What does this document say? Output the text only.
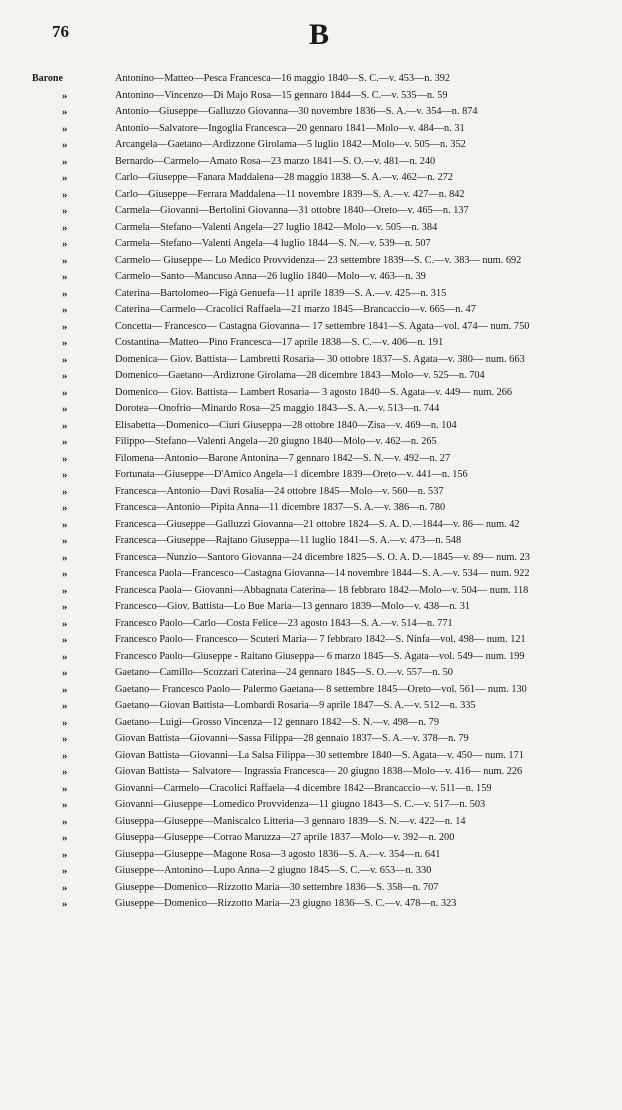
76	B
Barone	Antonino—Matteo—Pesca Francesca—16 maggio 1840—S. C.—v. 453—n. 392
»	Antonino—Vincenzo—Di Majo Rosa—15 gennaro 1844—S. C.—v. 535—n. 59
»	Antonio—Giuseppe—Galluzzo Giovanna—30 novembre 1836—S. A.—v. 354—n. 874
»	Antonio—Salvatore—Ingoglia Francesca—20 gennaro 1841—Molo—v. 484—n. 31
»	Arcangela—Gaetano—Ardizzone Girolama—5 luglio 1842—Molo—v. 505—n. 352
»	Bernardo—Carmelo—Amato Rosa—23 marzo 1841—S. O.—v. 481—n. 240
»	Carlo—Giuseppe—Fanara Maddalena—28 maggio 1838—S. A.—v. 462—n. 272
»	Carlo—Giuseppe—Ferrara Maddalena—11 novembre 1839—S. A.—v. 427—n. 842
»	Carmela—Giovanni—Bertolini Giovanna—31 ottobre 1840—Oreto—v. 465—n. 137
»	Carmela—Stefano—Valenti Angela—27 luglio 1842—Molo—v. 505—n. 384
»	Carmela—Stefano—Valenti Angela—4 luglio 1844—S. N.—v. 539—n. 507
»	Carmelo— Giuseppe— Lo Medico Provvidenza— 23 settembre 1839—S. C.—v. 383— num. 692
»	Carmelo—Santo—Mancuso Anna—26 luglio 1840—Molo—v. 463—n. 39
»	Caterina—Bartolomeo—Figà Genuefa—11 aprile 1839—S. A.—v. 425—n. 315
»	Caterina—Carmelo—Cracolici Raffaela—21 marzo 1845—Brancaccio—v. 665—n. 47
»	Concetta— Francesco— Castagna Giovanna— 17 settembre 1841—S. Agata—vol. 474— num. 750
»	Costantina—Matteo—Pino Francesca—17 aprile 1838—S. C.—v. 406—n. 191
»	Domenica— Giov. Battista— Lambretti Rosaria— 30 ottobre 1837—S. Agata—v. 380— num. 663
»	Domenico—Gaetano—Ardizrone Girolama—28 dicembre 1843—Molo—v. 525—n. 704
»	Domenico— Giov. Battista— Lambert Rosaria— 3 agosto 1840—S. Agata—v. 449— num. 266
»	Dorotea—Onofrio—Minardo Rosa—25 maggio 1843—S. A.—v. 513—n. 744
»	Elisabetta—Domenico—Ciuri Giuseppa—28 ottobre 1840—Zisa—v. 469—n. 104
»	Filippo—Stefano—Valenti Angela—20 giugno 1840—Molo—v. 462—n. 265
»	Filomena—Antonio—Barone Antonina—7 gennaro 1842—S. N.—v. 492—n. 27
»	Fortunata—Giuseppe—D'Amico Angela—1 dicembre 1839—Oreto—v. 441—n. 156
»	Francesca—Antonio—Davì Rosalia—24 ottobre 1845—Molo—v. 560—n. 537
»	Francesca—Antonio—Pipita Anna—11 dicembre 1837—S. A.—v. 386—n. 780
»	Francesca—Giuseppe—Galluzzi Giovanna—21 ottobre 1824—S. A. D.—1844—v. 86— num. 42
»	Francesca—Giuseppe—Rajtano Giuseppa—11 luglio 1841—S. A.—v. 473—n. 548
»	Francesca—Nunzio—Santoro Giovanna—24 dicembre 1825—S. O. A. D.—1845—v. 89— num. 23
»	Francesca Paola—Francesco—Castagna Giovanna—14 novembre 1844—S. A.—v. 534— num. 922
»	Francesca Paola— Giovanni—Abbagnata Caterina— 18 febbraro 1842—Molo—v. 504— num. 118
»	Francesco—Giov. Battista—Lo Bue Maria—13 gennaro 1839—Molo—v. 438—n. 31
»	Francesco Paolo—Carlo—Costa Felice—23 agosto 1843—S. A.—v. 514—n. 771
»	Francesco Paolo— Francesco— Scuteri Maria— 7 febbraro 1842—S. Ninfa—vol. 498— num. 121
»	Francesco Paolo—Giuseppe - Raitano Giuseppa— 6 marzo 1845—S. Agata—vol. 549— num. 199
»	Gaetano—Camillo—Scozzari Caterina—24 gennaro 1845—S. O.—v. 557—n. 50
»	Gaetano— Francesco Paolo— Palermo Gaetana— 8 settembre 1845—Oreto—vol. 561— num. 130
»	Gaetano—Giovan Battista—Lombardi Rosaria—9 aprile 1847—S. A.—v. 512—n. 335
»	Gaetano—Luigi—Grosso Vincenza—12 gennaro 1842—S. N.—v. 498—n. 79
»	Giovan Battista—Giovanni—Sassa Filippa—28 gennaio 1837—S. A.—v. 378—n. 79
»	Giovan Battista—Giovanni—La Salsa Filippa—30 settembre 1840—S. Agata—v. 450— num. 171
»	Giovan Battista— Salvatore— Ingrassia Francesca— 20 giugno 1838—Molo—v. 416— num. 226
»	Giovanni—Carmelo—Cracolici Raffaela—4 dicembre 1842—Brancaccio—v. 511—n. 159
»	Giovanni—Giuseppe—Lomedico Provvidenza—11 giugno 1843—S. C.—v. 517—n. 503
»	Giuseppa—Giuseppe—Maniscalco Litteria—3 gennaro 1839—S. N.—v. 422—n. 14
»	Giuseppa—Giuseppe—Corrao Maruzza—27 aprile 1837—Molo—v. 392—n. 200
»	Giuseppa—Giuseppe—Magone Rosa—3 agosto 1836—S. A.—v. 354—n. 641
»	Giuseppe—Antonino—Lupo Anna—2 giugno 1845—S. C.—v. 653—n. 330
»	Giuseppe—Domenico—Rizzotto Maria—30 settembre 1836—S. 358—n. 707
»	Giuseppe—Domenico—Rizzotto Maria—23 giugno 1836—S. C.—v. 478—n. 323
